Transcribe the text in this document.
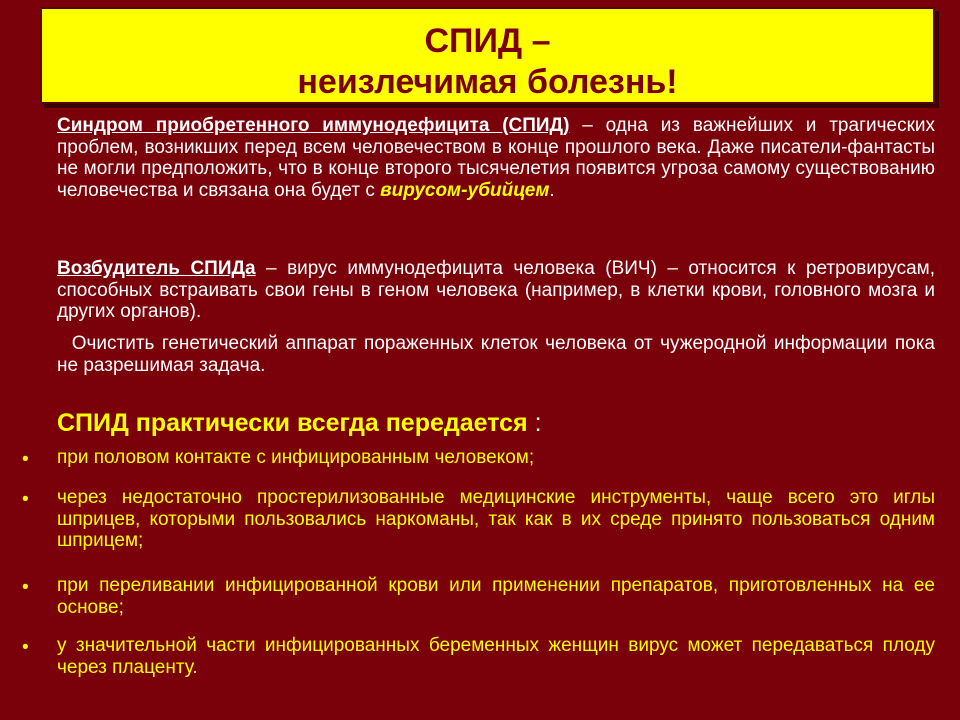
СПИД –
неизлечимая болезнь!
Синдром приобретенного иммунодефицита (СПИД) – одна из важнейших и трагических проблем, возникших перед всем человечеством в конце прошлого века. Даже писатели-фантасты не могли предположить, что в конце второго тысячелетия появится угроза самому существованию человечества и связана она будет с вирусом-убийцем.
Возбудитель СПИДа – вирус иммунодефицита человека (ВИЧ) – относится к ретровирусам, способных встраивать свои гены в геном человека (например, в клетки крови, головного мозга и других органов).
Очистить генетический аппарат пораженных клеток человека от чужеродной информации пока не разрешимая задача.
СПИД практически всегда передается :
• при половом контакте с инфицированным человеком;
• через недостаточно простерилизованные медицинские инструменты, чаще всего это иглы шприцев, которыми пользовались наркоманы, так как в их среде принято пользоваться одним шприцем;
• при переливании инфицированной крови или применении препаратов, приготовленных на ее основе;
• у значительной части инфицированных беременных женщин вирус может передаваться плоду через плаценту.
